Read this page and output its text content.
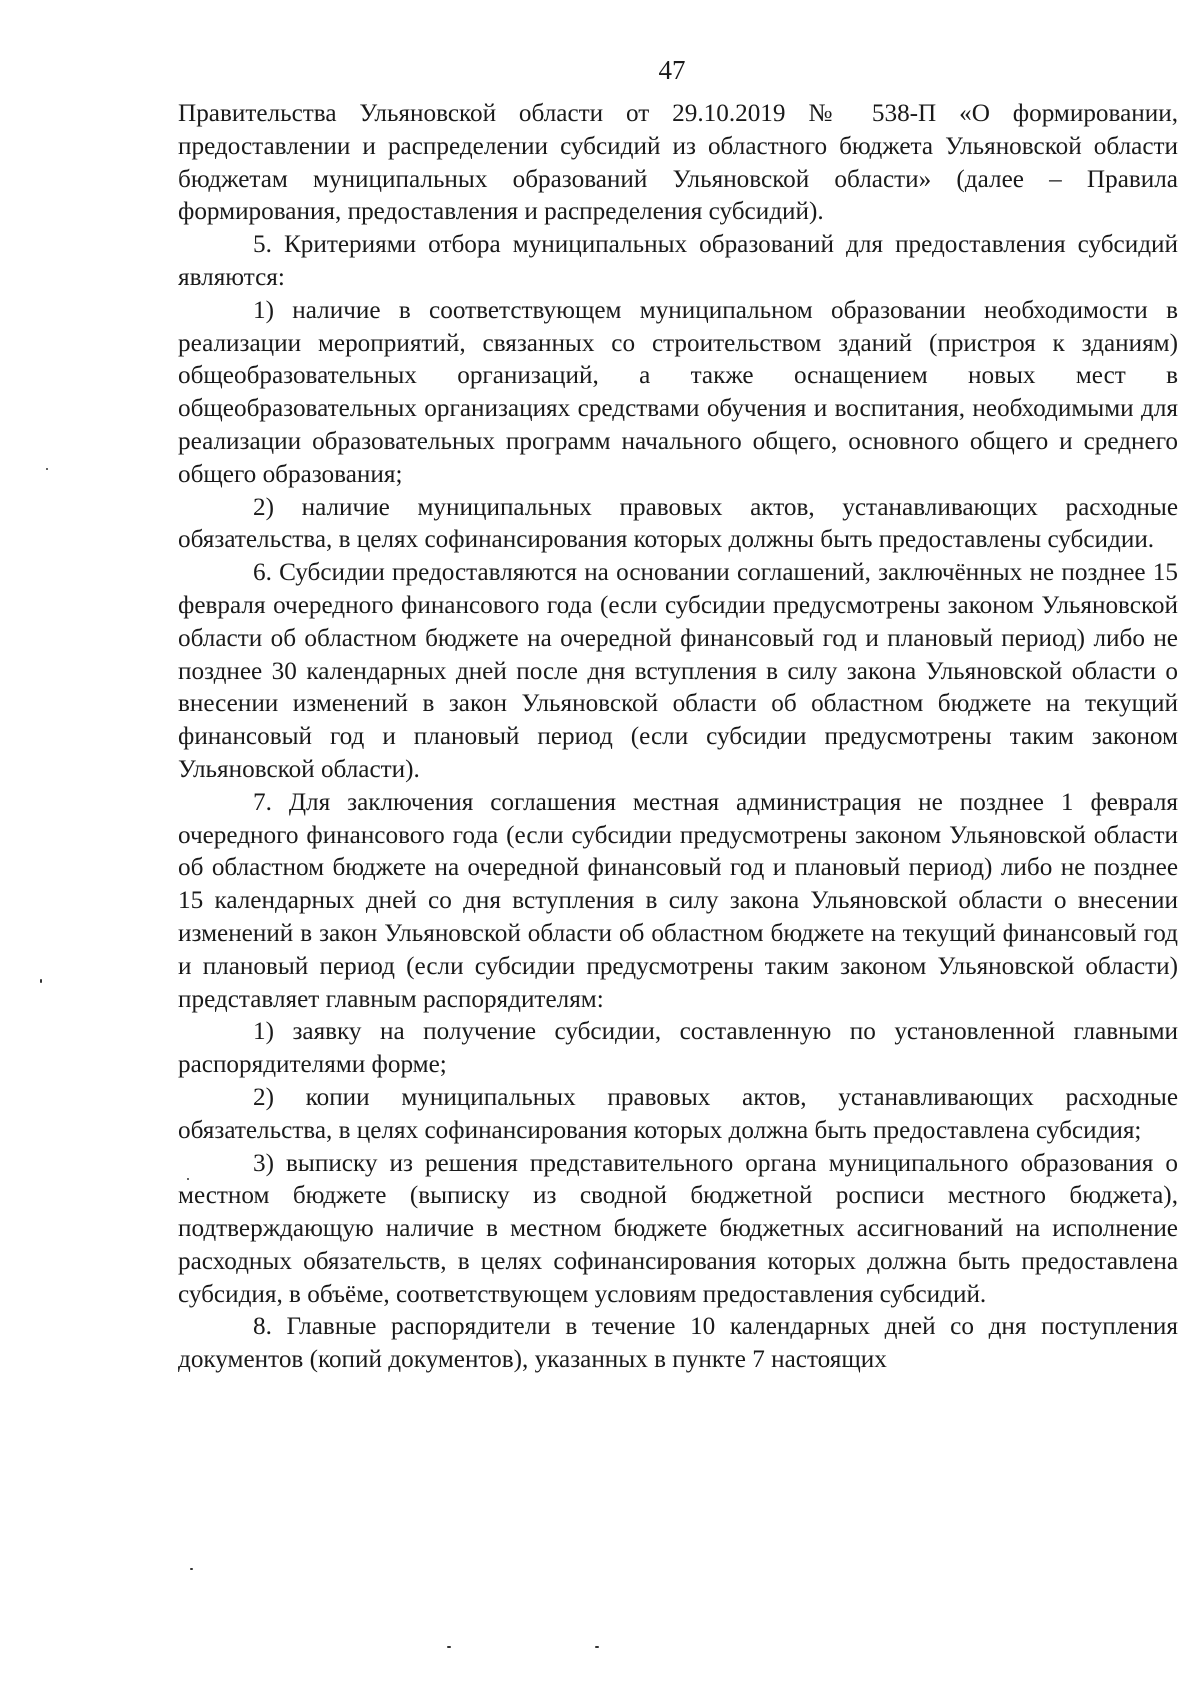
47

Правительства Ульяновской области от 29.10.2019 № 538-П «О формировании, предоставлении и распределении субсидий из областного бюджета Ульяновской области бюджетам муниципальных образований Ульяновской области» (далее – Правила формирования, предоставления и распределения субсидий).

5. Критериями отбора муниципальных образований для предоставления субсидий являются:

1) наличие в соответствующем муниципальном образовании необходимости в реализации мероприятий, связанных со строительством зданий (пристроя к зданиям) общеобразовательных организаций, а также оснащением новых мест в общеобразовательных организациях средствами обучения и воспитания, необходимыми для реализации образовательных программ начального общего, основного общего и среднего общего образования;

2) наличие муниципальных правовых актов, устанавливающих расходные обязательства, в целях софинансирования которых должны быть предоставлены субсидии.

6. Субсидии предоставляются на основании соглашений, заключённых не позднее 15 февраля очередного финансового года (если субсидии предусмотрены законом Ульяновской области об областном бюджете на очередной финансовый год и плановый период) либо не позднее 30 календарных дней после дня вступления в силу закона Ульяновской области о внесении изменений в закон Ульяновской области об областном бюджете на текущий финансовый год и плановый период (если субсидии предусмотрены таким законом Ульяновской области).

7. Для заключения соглашения местная администрация не позднее 1 февраля очередного финансового года (если субсидии предусмотрены законом Ульяновской области об областном бюджете на очередной финансовый год и плановый период) либо не позднее 15 календарных дней со дня вступления в силу закона Ульяновской области о внесении изменений в закон Ульяновской области об областном бюджете на текущий финансовый год и плановый период (если субсидии предусмотрены таким законом Ульяновской области) представляет главным распорядителям:

1) заявку на получение субсидии, составленную по установленной главными распорядителями форме;

2) копии муниципальных правовых актов, устанавливающих расходные обязательства, в целях софинансирования которых должна быть предоставлена субсидия;

3) выписку из решения представительного органа муниципального образования о местном бюджете (выписку из сводной бюджетной росписи местного бюджета), подтверждающую наличие в местном бюджете бюджетных ассигнований на исполнение расходных обязательств, в целях софинансирования которых должна быть предоставлена субсидия, в объёме, соответствующем условиям предоставления субсидий.

8. Главные распорядители в течение 10 календарных дней со дня поступления документов (копий документов), указанных в пункте 7 настоящих
